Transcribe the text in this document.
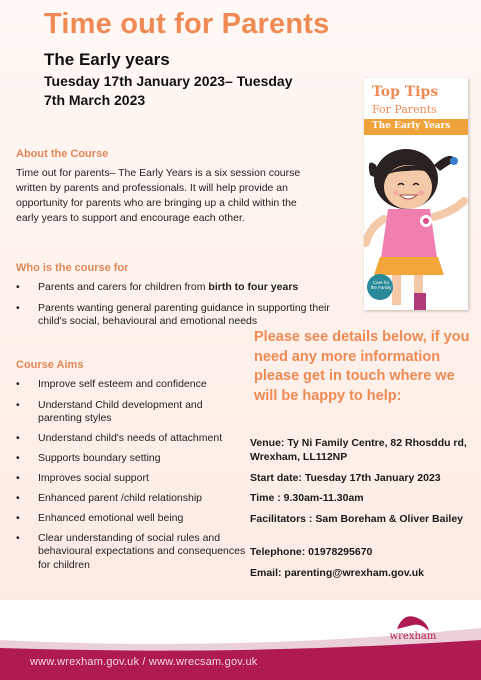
Time out for Parents
The Early years
Tuesday 17th January 2023– Tuesday
7th March 2023
About the Course
Time out for parents– The Early Years is a six session course written by parents and professionals. It will help provide an opportunity for parents who are bringing up a child within the early years to support and encourage each other.
Who is the course for
• Parents and carers for children from birth to four years
• Parents wanting general parenting guidance in supporting their child's social, behavioural and emotional needs
Course Aims
• Improve self esteem and confidence
• Understand Child development and parenting styles
• Understand child's needs of attachment
• Supports boundary setting
• Improves social support
• Enhanced parent /child relationship
• Enhanced emotional well being
• Clear understanding of social rules and behavioural expectations and consequences for children
Top Tips
For Parents
The Early Years
Care for the Family
Please see details below, if you need any more information please get in touch where we will be happy to help:
Venue: Ty Ni Family Centre, 82 Rhosddu rd, Wrexham, LL112NP
Start date: Tuesday 17th January 2023
Time : 9.30am-11.30am
Facilitators : Sam Boreham & Oliver Bailey
Telephone: 01978295670
Email: parenting@wrexham.gov.uk
www.wrexham.gov.uk / www.wrecsam.gov.uk
wrexham
wrecsam
